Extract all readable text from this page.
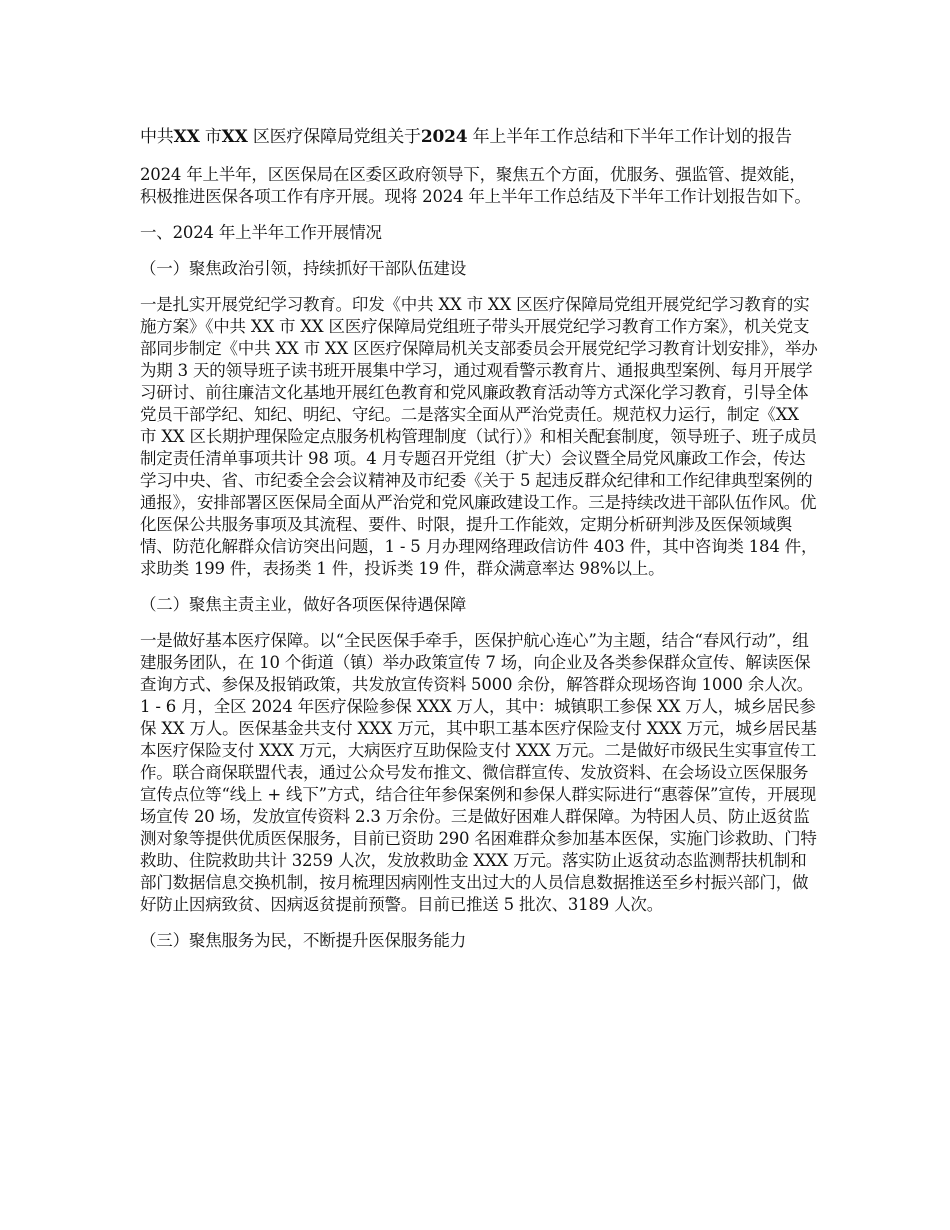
中共XX 市XX 区医疗保障局党组关于2024 年上半年工作总结和下半年工作计划的报告

2024 年上半年，区医保局在区委区政府领导下，聚焦五个方面，优服务、强监管、提效能，积极推进医保各项工作有序开展。现将 2024 年上半年工作总结及下半年工作计划报告如下。

一、2024 年上半年工作开展情况

（一）聚焦政治引领，持续抓好干部队伍建设

一是扎实开展党纪学习教育。印发《中共 XX 市 XX 区医疗保障局党组开展党纪学习教育的实施方案》《中共 XX 市 XX 区医疗保障局党组班子带头开展党纪学习教育工作方案》，机关党支部同步制定《中共 XX 市 XX 区医疗保障局机关支部委员会开展党纪学习教育计划安排》，举办为期 3 天的领导班子读书班开展集中学习，通过观看警示教育片、通报典型案例、每月开展学习研讨、前往廉洁文化基地开展红色教育和党风廉政教育活动等方式深化学习教育，引导全体党员干部学纪、知纪、明纪、守纪。二是落实全面从严治党责任。规范权力运行，制定《XX 市 XX 区长期护理保险定点服务机构管理制度（试行）》和相关配套制度，领导班子、班子成员制定责任清单事项共计 98 项。4 月专题召开党组（扩大）会议暨全局党风廉政工作会，传达学习中央、省、市纪委全会会议精神及市纪委《关于 5 起违反群众纪律和工作纪律典型案例的通报》，安排部署区医保局全面从严治党和党风廉政建设工作。三是持续改进干部队伍作风。优化医保公共服务事项及其流程、要件、时限，提升工作能效，定期分析研判涉及医保领域舆情、防范化解群众信访突出问题，1 - 5 月办理网络理政信访件 403 件，其中咨询类 184 件，求助类 199 件，表扬类 1 件，投诉类 19 件，群众满意率达 98%以上。

（二）聚焦主责主业，做好各项医保待遇保障

一是做好基本医疗保障。以“全民医保手牵手，医保护航心连心”为主题，结合“春风行动”，组建服务团队，在 10 个街道（镇）举办政策宣传 7 场，向企业及各类参保群众宣传、解读医保查询方式、参保及报销政策，共发放宣传资料 5000 余份，解答群众现场咨询 1000 余人次。1 - 6 月，全区 2024 年医疗保险参保 XXX 万人，其中：城镇职工参保 XX 万人，城乡居民参保 XX 万人。医保基金共支付 XXX 万元，其中职工基本医疗保险支付 XXX 万元，城乡居民基本医疗保险支付 XXX 万元，大病医疗互助保险支付 XXX 万元。二是做好市级民生实事宣传工作。联合商保联盟代表，通过公众号发布推文、微信群宣传、发放资料、在会场设立医保服务宣传点位等“线上 + 线下”方式，结合往年参保案例和参保人群实际进行“惠蓉保”宣传，开展现场宣传 20 场，发放宣传资料 2.3 万余份。三是做好困难人群保障。为特困人员、防止返贫监测对象等提供优质医保服务，目前已资助 290 名困难群众参加基本医保，实施门诊救助、门特救助、住院救助共计 3259 人次，发放救助金 XXX 万元。落实防止返贫动态监测帮扶机制和部门数据信息交换机制，按月梳理因病刚性支出过大的人员信息数据推送至乡村振兴部门，做好防止因病致贫、因病返贫提前预警。目前已推送 5 批次、3189 人次。

（三）聚焦服务为民，不断提升医保服务能力
